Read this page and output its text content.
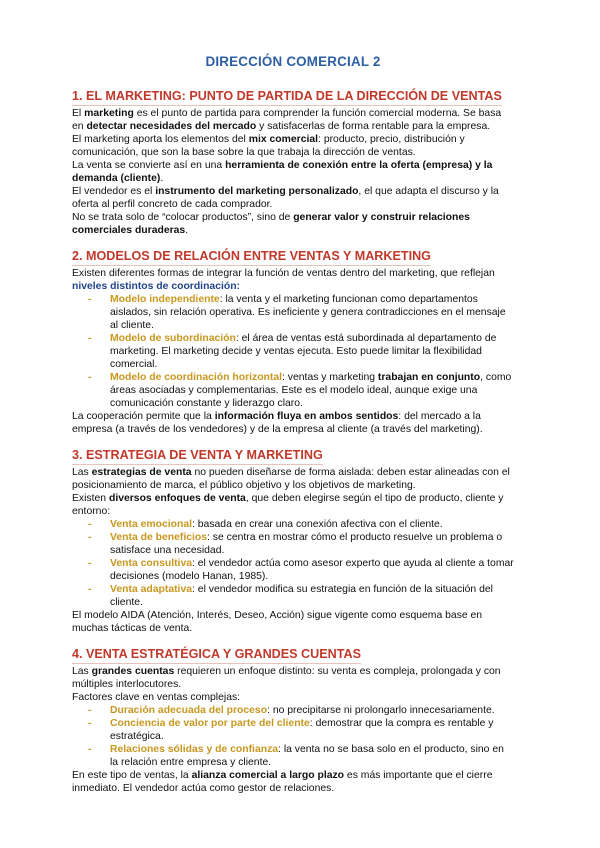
DIRECCIÓN COMERCIAL 2
1. EL MARKETING: PUNTO DE PARTIDA DE LA DIRECCIÓN DE VENTAS

El marketing es el punto de partida para comprender la función comercial moderna. Se basa en detectar necesidades del mercado y satisfacerlas de forma rentable para la empresa.

El marketing aporta los elementos del mix comercial: producto, precio, distribución y comunicación, que son la base sobre la que trabaja la dirección de ventas.

La venta se convierte así en una herramienta de conexión entre la oferta (empresa) y la demanda (cliente).

El vendedor es el instrumento del marketing personalizado, el que adapta el discurso y la oferta al perfil concreto de cada comprador.

No se trata solo de “colocar productos”, sino de generar valor y construir relaciones comerciales duraderas.

2. MODELOS DE RELACIÓN ENTRE VENTAS Y MARKETING

Existen diferentes formas de integrar la función de ventas dentro del marketing, que reflejan niveles distintos de coordinación:

- Modelo independiente: la venta y el marketing funcionan como departamentos aislados, sin relación operativa. Es ineficiente y genera contradicciones en el mensaje al cliente.
- Modelo de subordinación: el área de ventas está subordinada al departamento de marketing. El marketing decide y ventas ejecuta. Esto puede limitar la flexibilidad comercial.
- Modelo de coordinación horizontal: ventas y marketing trabajan en conjunto, como áreas asociadas y complementarias. Este es el modelo ideal, aunque exige una comunicación constante y liderazgo claro.

La cooperación permite que la información fluya en ambos sentidos: del mercado a la empresa (a través de los vendedores) y de la empresa al cliente (a través del marketing).

3. ESTRATEGIA DE VENTA Y MARKETING

Las estrategias de venta no pueden diseñarse de forma aislada: deben estar alineadas con el posicionamiento de marca, el público objetivo y los objetivos de marketing.

Existen diversos enfoques de venta, que deben elegirse según el tipo de producto, cliente y entorno:

- Venta emocional: basada en crear una conexión afectiva con el cliente.
- Venta de beneficios: se centra en mostrar cómo el producto resuelve un problema o satisface una necesidad.
- Venta consultiva: el vendedor actúa como asesor experto que ayuda al cliente a tomar decisiones (modelo Hanan, 1985).
- Venta adaptativa: el vendedor modifica su estrategia en función de la situación del cliente.

El modelo AIDA (Atención, Interés, Deseo, Acción) sigue vigente como esquema base en muchas tácticas de venta.

4. VENTA ESTRATÉGICA Y GRANDES CUENTAS

Las grandes cuentas requieren un enfoque distinto: su venta es compleja, prolongada y con múltiples interlocutores.

Factores clave en ventas complejas:

- Duración adecuada del proceso: no precipitarse ni prolongarlo innecesariamente.
- Conciencia de valor por parte del cliente: demostrar que la compra es rentable y estratégica.
- Relaciones sólidas y de confianza: la venta no se basa solo en el producto, sino en la relación entre empresa y cliente.

En este tipo de ventas, la alianza comercial a largo plazo es más importante que el cierre inmediato. El vendedor actúa como gestor de relaciones.
